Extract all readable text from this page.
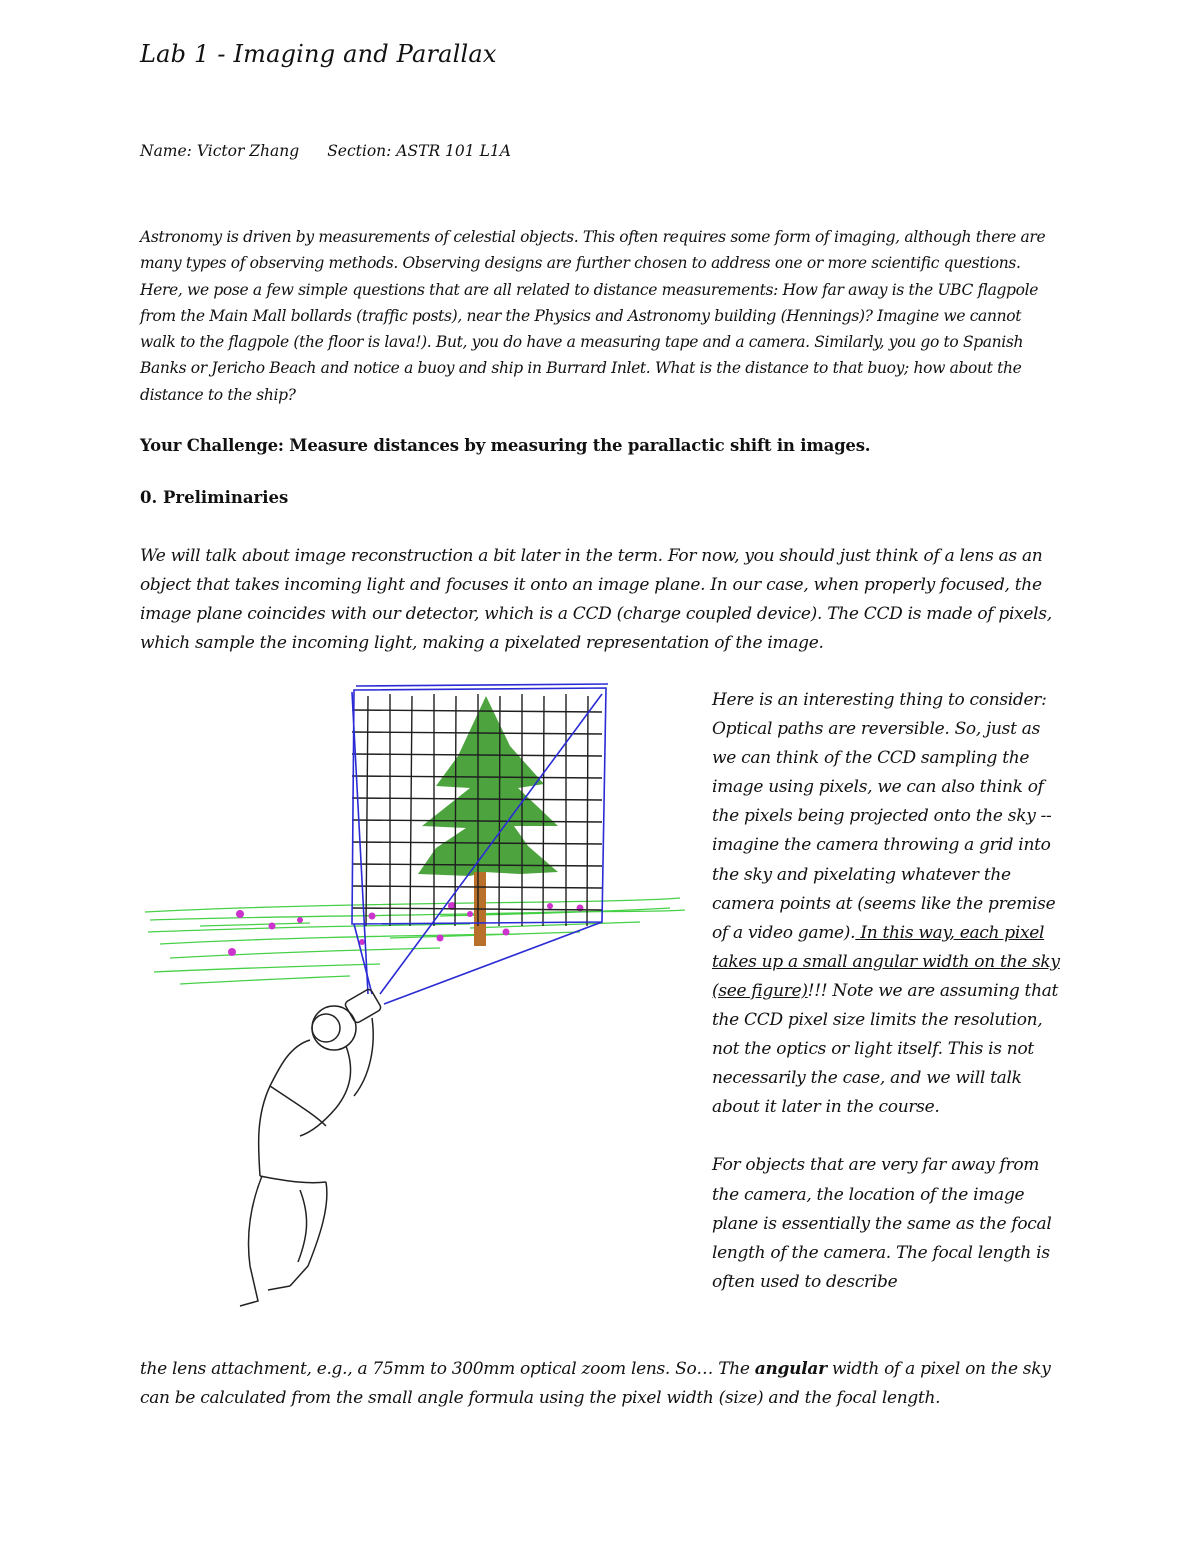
Lab 1 - Imaging and Parallax
Name: Victor Zhang Section: ASTR 101 L1A
Astronomy is driven by measurements of celestial objects. This often requires some form of imaging, although there are many types of observing methods. Observing designs are further chosen to address one or more scientific questions. Here, we pose a few simple questions that are all related to distance measurements: How far away is the UBC flagpole from the Main Mall bollards (traffic posts), near the Physics and Astronomy building (Hennings)? Imagine we cannot walk to the flagpole (the floor is lava!). But, you do have a measuring tape and a camera. Similarly, you go to Spanish Banks or Jericho Beach and notice a buoy and ship in Burrard Inlet. What is the distance to that buoy; how about the distance to the ship?
Your Challenge: Measure distances by measuring the parallactic shift in images.
0. Preliminaries
We will talk about image reconstruction a bit later in the term. For now, you should just think of a lens as an object that takes incoming light and focuses it onto an image plane. In our case, when properly focused, the image plane coincides with our detector, which is a CCD (charge coupled device). The CCD is made of pixels, which sample the incoming light, making a pixelated representation of the image.

Here is an interesting thing to consider: Optical paths are reversible. So, just as we can think of the CCD sampling the image using pixels, we can also think of the pixels being projected onto the sky -- imagine the camera throwing a grid into the sky and pixelating whatever the camera points at (seems like the premise of a video game). In this way, each pixel takes up a small angular width on the sky (see figure)!!! Note we are assuming that the CCD pixel size limits the resolution, not the optics or light itself. This is not necessarily the case, and we will talk about it later in the course.

For objects that are very far away from the camera, the location of the image plane is essentially the same as the focal length of the camera. The focal length is often used to describe

the lens attachment, e.g., a 75mm to 300mm optical zoom lens. So… The angular width of a pixel on the sky can be calculated from the small angle formula using the pixel width (size) and the focal length.
